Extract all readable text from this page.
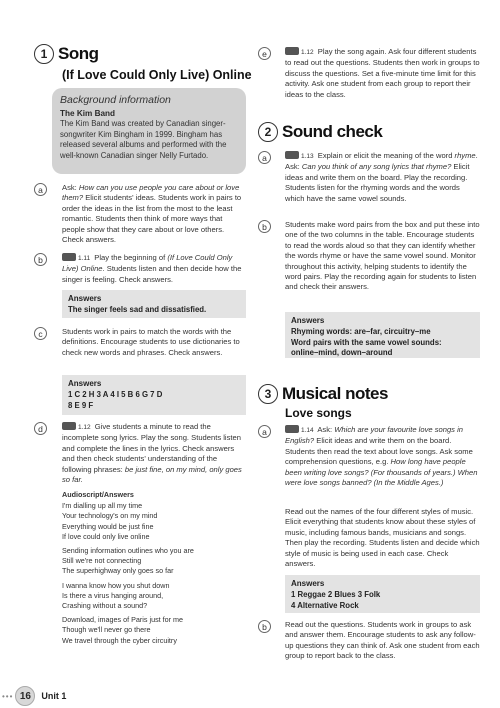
1 Song
(If Love Could Only Live) Online
Background information
The Kim Band
The Kim Band was created by Canadian singer-songwriter Kim Bingham in 1999. Bingham has released several albums and performed with the well-known Canadian singer Nelly Furtado.
a	Ask: How can you use people you care about or love them? Elicit students' ideas. Students work in pairs to order the ideas in the list from the most to the least romantic. Students then think of more ways that people show that they care about or love others. Check answers.
b	1.11 Play the beginning of (If Love Could Only Live) Online. Students listen and then decide how the singer is feeling. Check answers.
Answers
The singer feels sad and dissatisfied.
c	Students work in pairs to match the words with the definitions. Encourage students to use dictionaries to check new words and phrases. Check answers.
Answers
1 C 2 H 3 A 4 I 5 B 6 G 7 D
8 E 9 F
d	1.12 Give students a minute to read the incomplete song lyrics. Play the song. Students listen and complete the lines in the lyrics. Check answers and then check students' understanding of the following phrases: be just fine, on my mind, only goes so far.
Audioscript/Answers
I'm dialling up all my time
Your technology's on my mind
Everything would be just fine
If love could only live online
Sending information outlines who you are
Still we're not connecting
The superhighway only goes so far
I wanna know how you shut down
Is there a virus hanging around,
Crashing without a sound?
Download, images of Paris just for me
Though we'll never go there
We travel through the cyber circuitry
e	1.12 Play the song again. Ask four different students to read out the questions. Students then work in groups to discuss the questions. Set a five-minute time limit for this activity. Ask one student from each group to report their ideas to the class.
2 Sound check
a	1.13 Explain or elicit the meaning of the word rhyme. Ask: Can you think of any song lyrics that rhyme? Elicit ideas and write them on the board. Play the recording. Students listen for the rhyming words and the words which have the same vowel sounds.
b	Students make word pairs from the box and put these into one of the two columns in the table. Encourage students to read the words aloud so that they can identify whether the words rhyme or have the same vowel sound. Monitor throughout this activity, helping students to identify the word pairs. Play the recording again for students to listen and check their answers.
Answers
Rhyming words: are–far, circuitry–me
Word pairs with the same vowel sounds:
online–mind, down–around
3 Musical notes
Love songs
a	1.14 Ask: Which are your favourite love songs in English? Elicit ideas and write them on the board. Students then read the text about love songs. Ask some comprehension questions, e.g. How long have people been writing love songs? (For thousands of years.) When were love songs banned? (In the Middle Ages.)
Read out the names of the four different styles of music. Elicit everything that students know about these styles of music, including famous bands, musicians and songs. Then play the recording. Students listen and decide which style of music is being used in each case. Check answers.
Answers
1 Reggae 2 Blues 3 Folk
4 Alternative Rock
b	Read out the questions. Students work in groups to ask and answer them. Encourage students to ask any follow-up questions they can think of. Ask one student from each group to report back to the class.
••• 16	Unit 1
